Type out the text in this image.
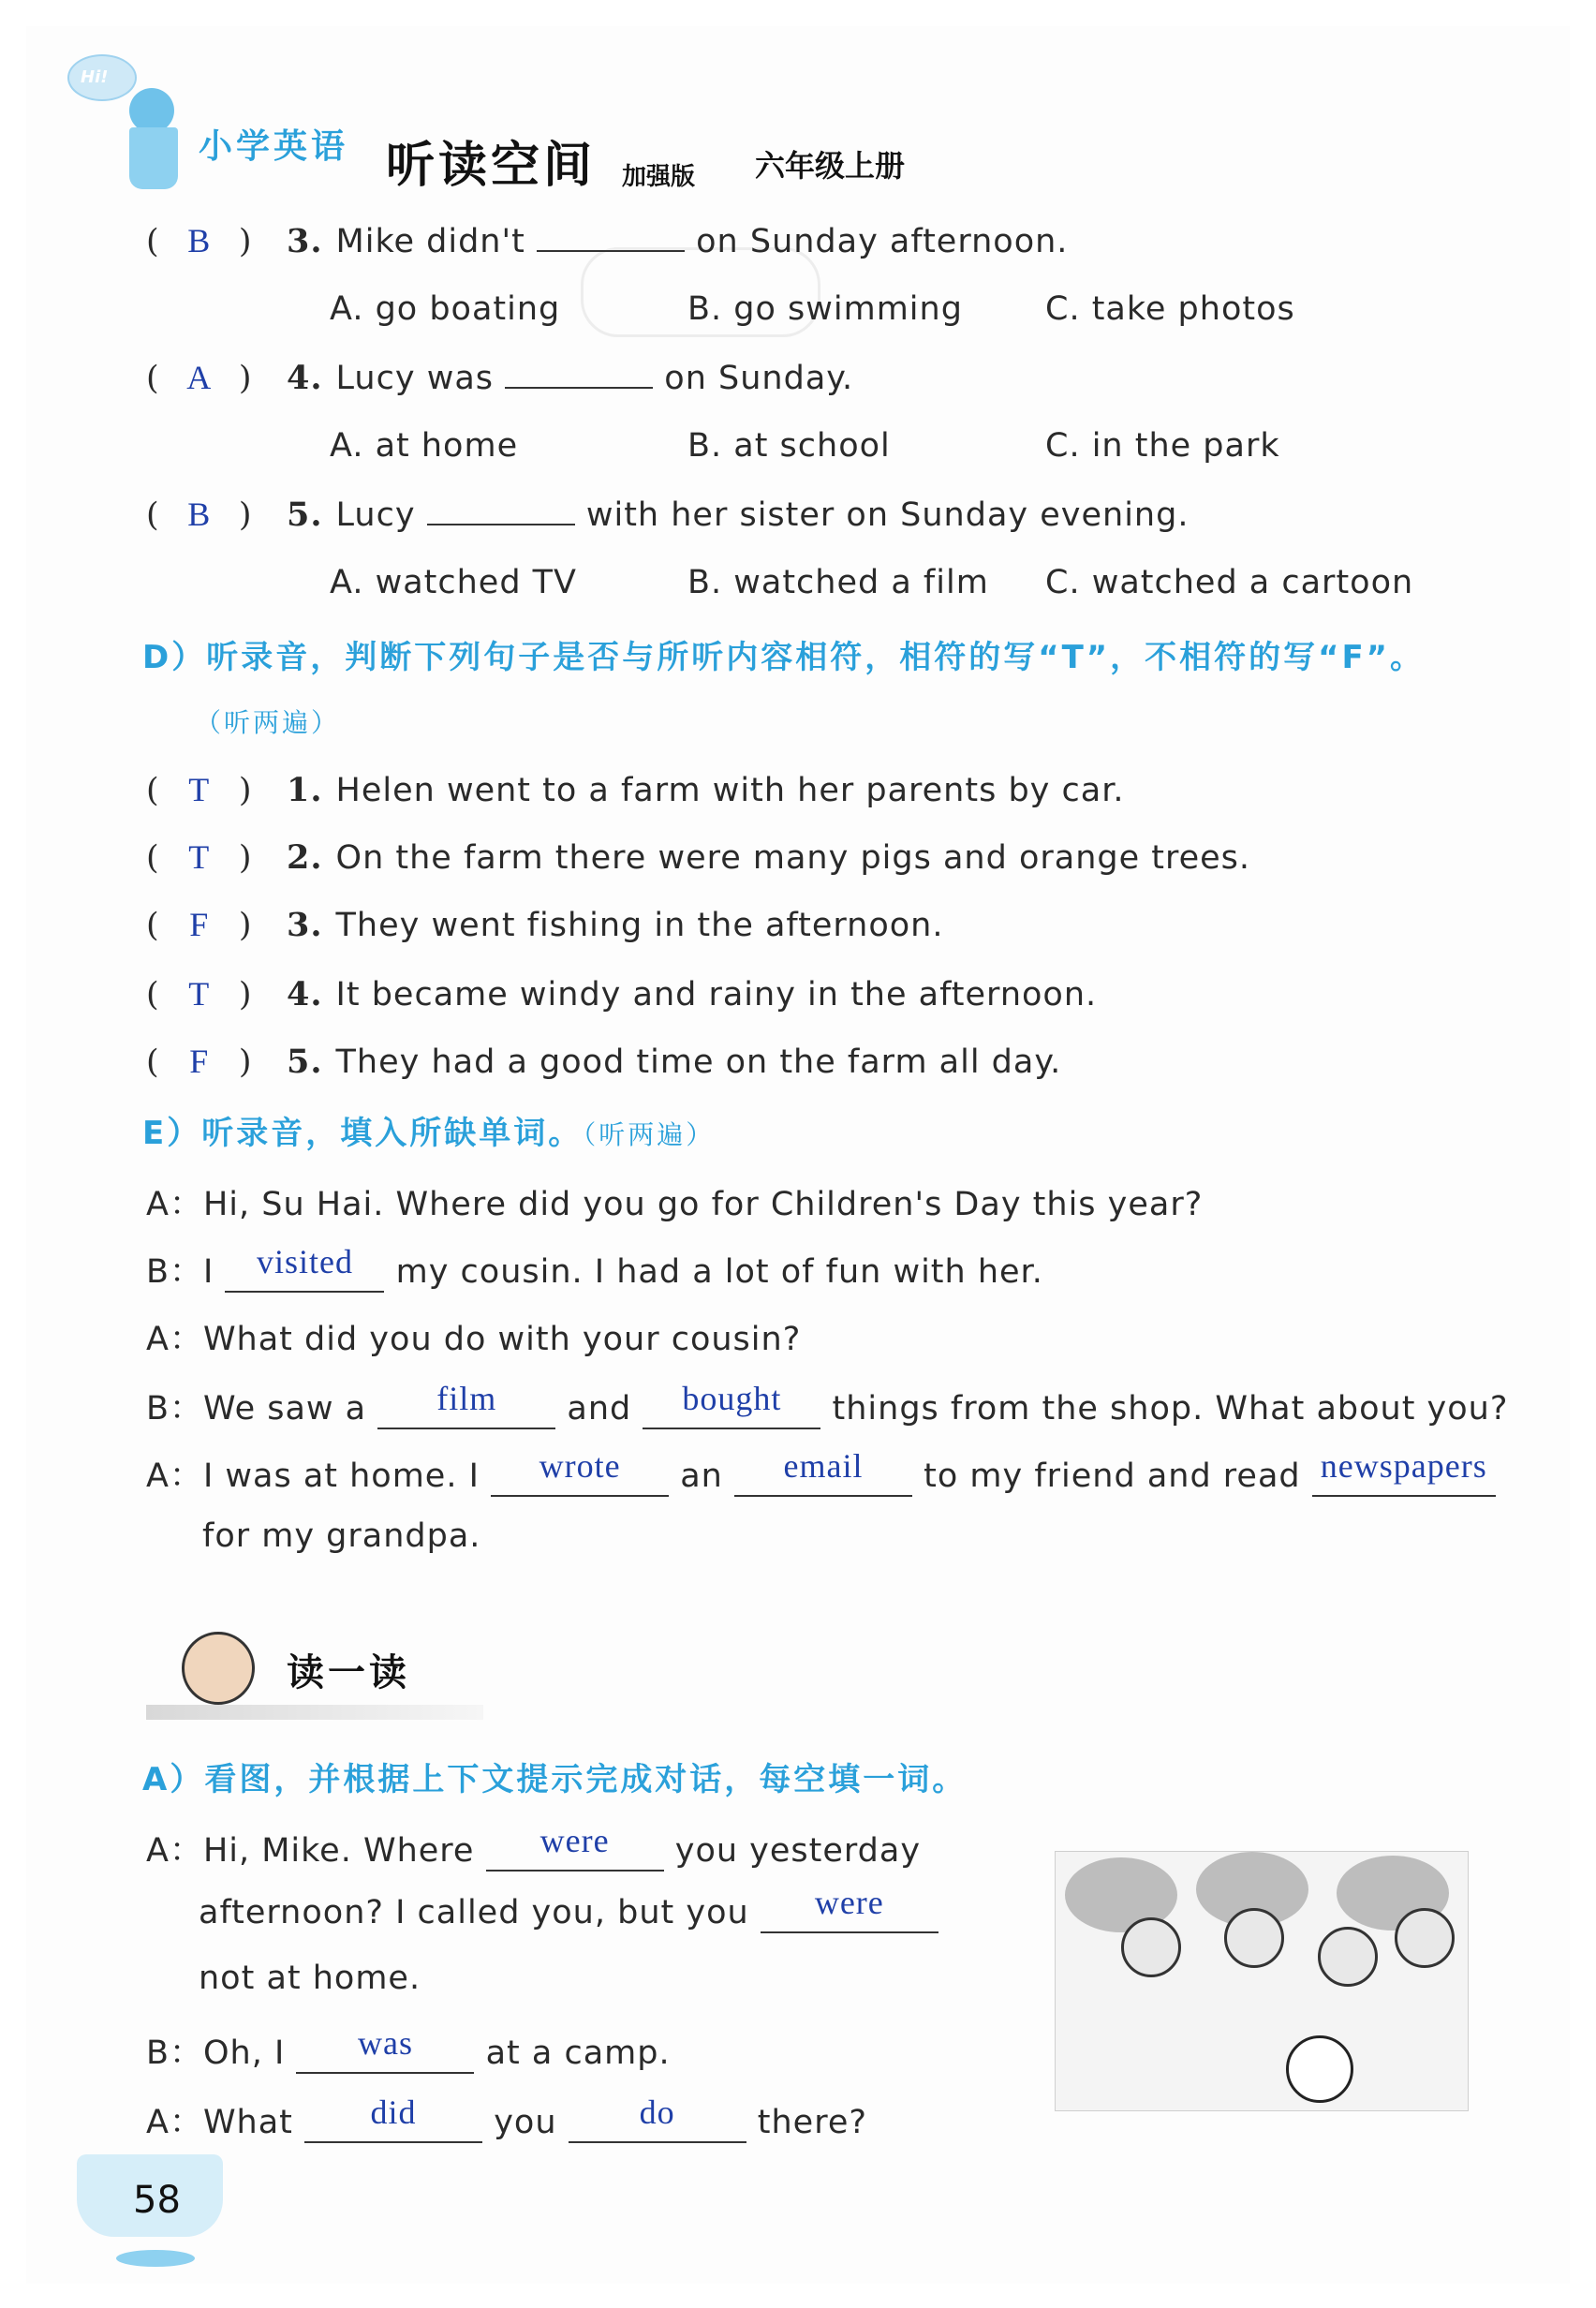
Hi!
小学英语 听读空间 加强版 六年级上册
( B ) 3. Mike didn't	on Sunday afternoon.
A. go boating	B. go swimming	C. take photos
( A ) 4. Lucy was	on Sunday.
A. at home	B. at school	C. in the park
( B ) 5. Lucy	with her sister on Sunday evening.
A. watched TV	B. watched a film C. watched a cartoon
D）听录音，判断下列句子是否与所听内容相符，相符的写“T”，不相符的写“F”。
（听两遍）
( T ) 1. Helen went to a farm with her parents by car.
( T ) 2. On the farm there were many pigs and orange trees.
( F ) 3. They went fishing in the afternoon.
( T ) 4. It became windy and rainy in the afternoon.
( F ) 5. They had a good time on the farm all day.
E）听录音，填入所缺单词。（听两遍）
A：Hi, Su Hai. Where did you go for Children's Day this year?
B：I visited my cousin. I had a lot of fun with her.
A：What did you do with your cousin?
B：We saw a film and bought things from the shop. What about you?
A：I was at home. I wrote an email to my friend and read newspapers
for my grandpa.
读一读
A）看图，并根据上下文提示完成对话，每空填一词。
A：Hi, Mike. Where were you yesterday
afternoon? I called you, but you were
not at home.
B：Oh, I was at a camp.
A：What did you do	there?
58
